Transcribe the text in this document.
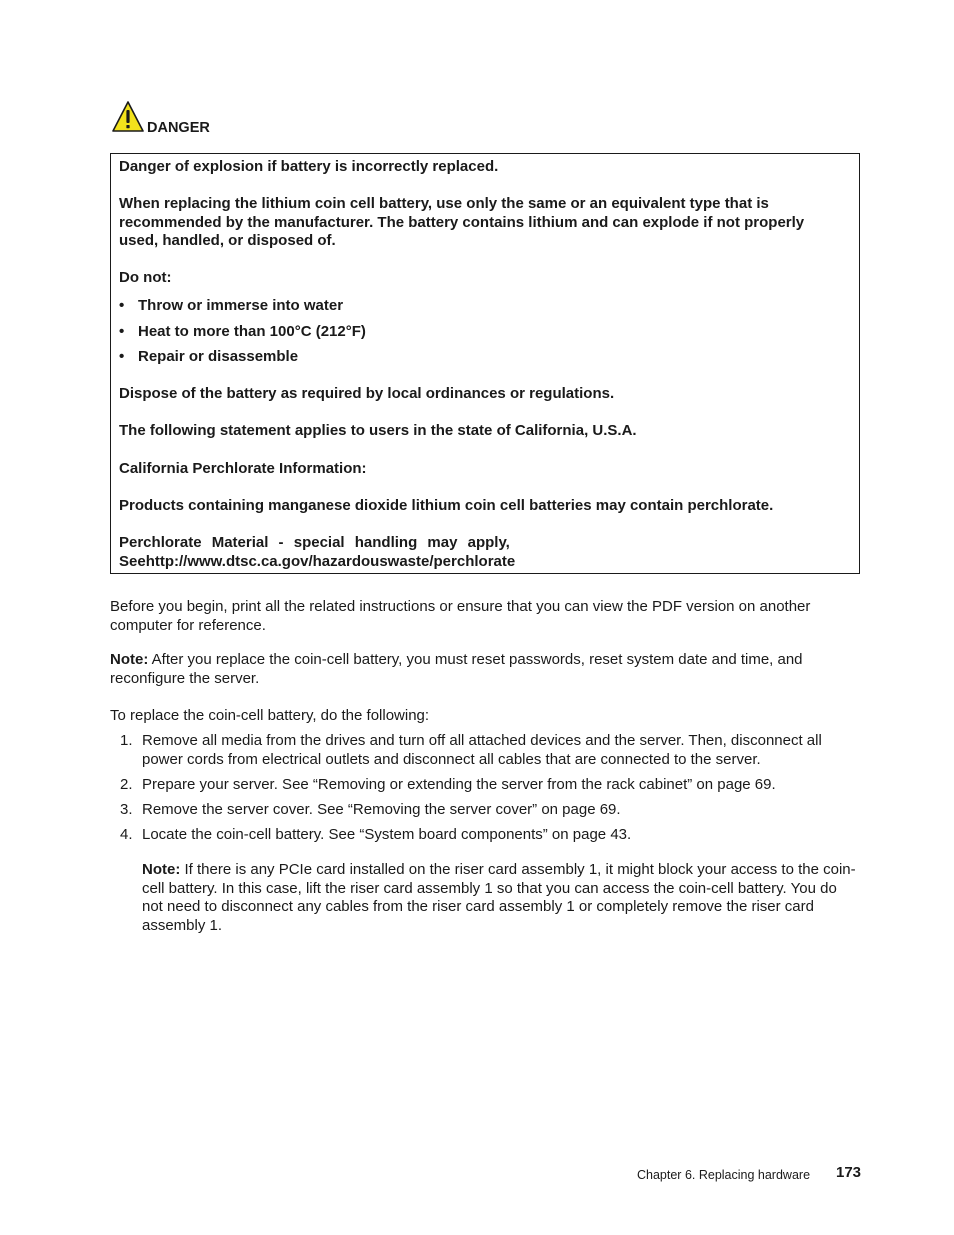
DANGER
Danger of explosion if battery is incorrectly replaced.
When replacing the lithium coin cell battery, use only the same or an equivalent type that is recommended by the manufacturer. The battery contains lithium and can explode if not properly used, handled, or disposed of.
Do not:
• Throw or immerse into water
• Heat to more than 100°C (212°F)
• Repair or disassemble
Dispose of the battery as required by local ordinances or regulations.
The following statement applies to users in the state of California, U.S.A.
California Perchlorate Information:
Products containing manganese dioxide lithium coin cell batteries may contain perchlorate.
Perchlorate Material - special handling may apply,
Seehttp://www.dtsc.ca.gov/hazardouswaste/perchlorate
Before you begin, print all the related instructions or ensure that you can view the PDF version on another computer for reference.
Note: After you replace the coin-cell battery, you must reset passwords, reset system date and time, and reconfigure the server.
To replace the coin-cell battery, do the following:
1. Remove all media from the drives and turn off all attached devices and the server. Then, disconnect all power cords from electrical outlets and disconnect all cables that are connected to the server.
2. Prepare your server. See “Removing or extending the server from the rack cabinet” on page 69.
3. Remove the server cover. See “Removing the server cover” on page 69.
4. Locate the coin-cell battery. See “System board components” on page 43.
Note: If there is any PCIe card installed on the riser card assembly 1, it might block your access to the coin-cell battery. In this case, lift the riser card assembly 1 so that you can access the coin-cell battery. You do not need to disconnect any cables from the riser card assembly 1 or completely remove the riser card assembly 1.
Chapter 6. Replacing hardware 173
